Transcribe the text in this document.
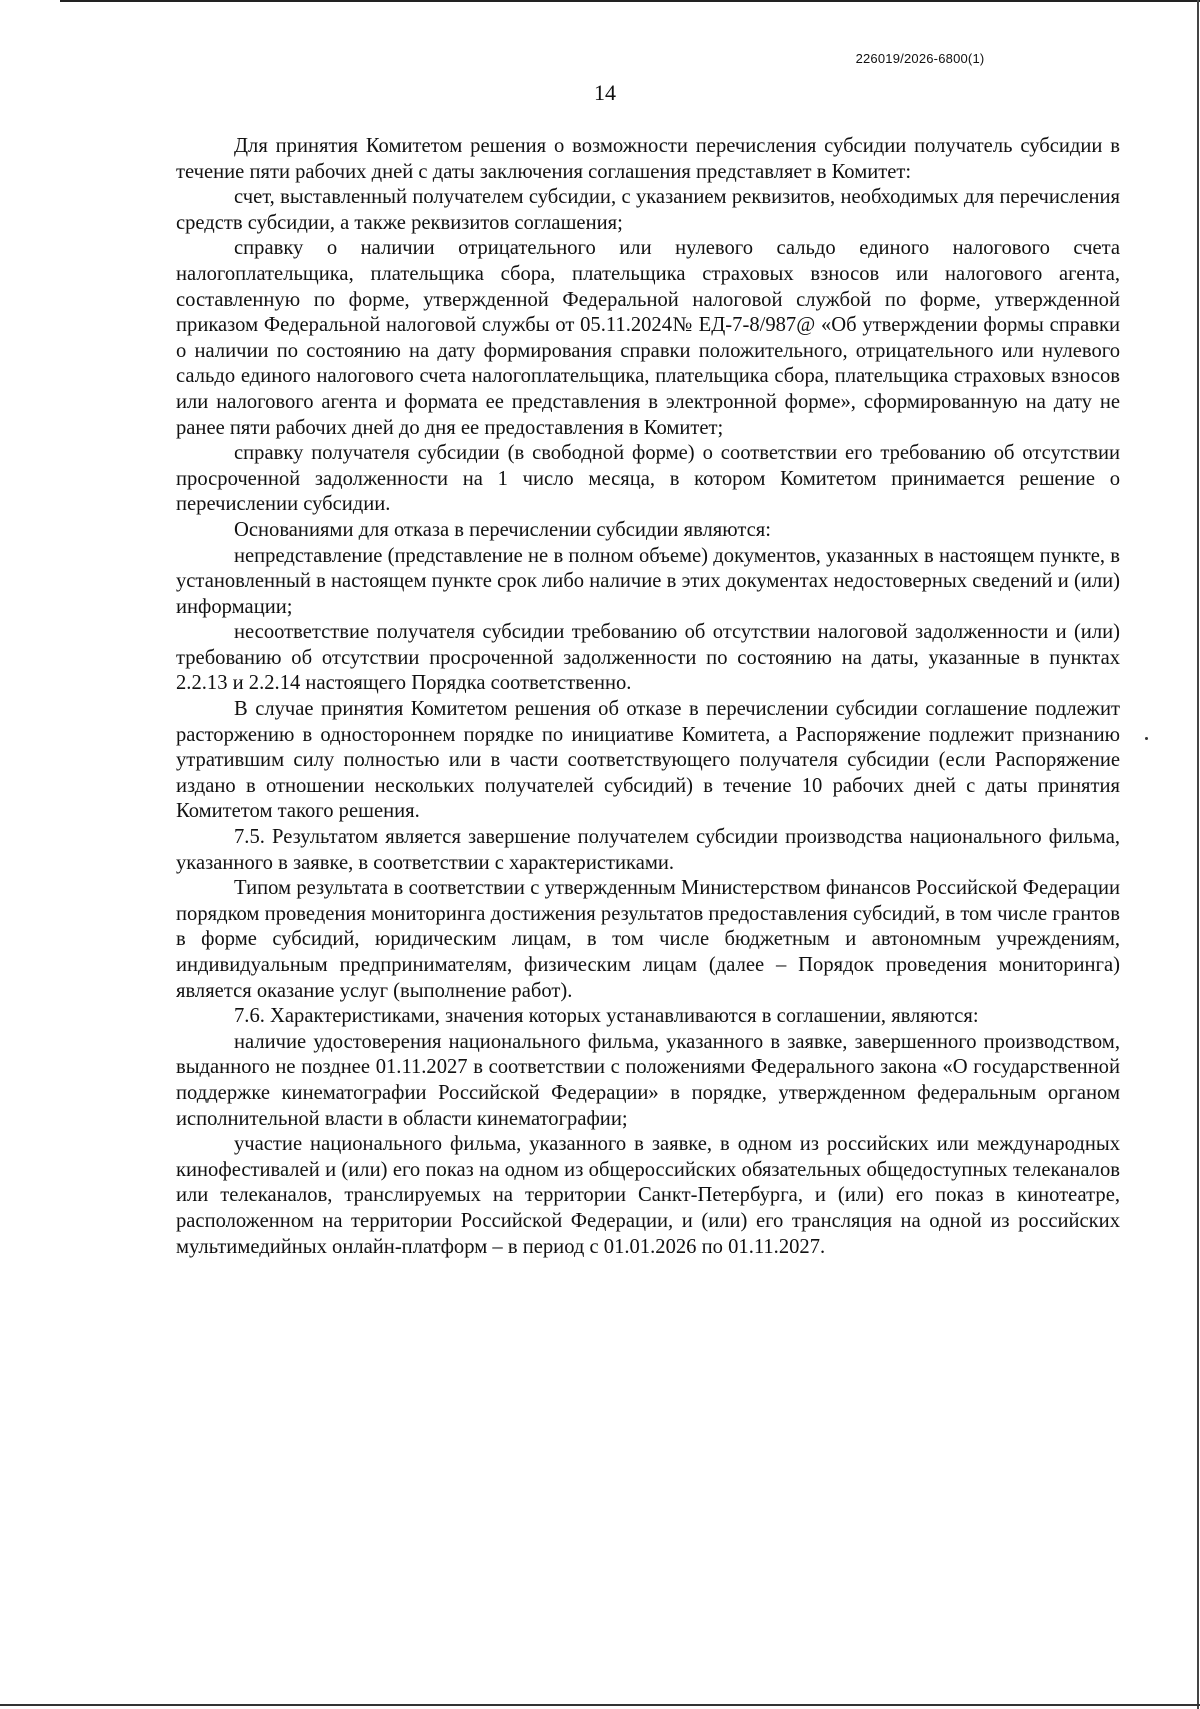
226019/2026-6800(1)
14

Для принятия Комитетом решения о возможности перечисления субсидии получатель субсидии в течение пяти рабочих дней с даты заключения соглашения представляет в Комитет:

счет, выставленный получателем субсидии, с указанием реквизитов, необходимых для перечисления средств субсидии, а также реквизитов соглашения;

справку о наличии отрицательного или нулевого сальдо единого налогового счета налогоплательщика, плательщика сбора, плательщика страховых взносов или налогового агента, составленную по форме, утвержденной Федеральной налоговой службой по форме, утвержденной приказом Федеральной налоговой службы от 05.11.2024№ ЕД-7-8/987@ «Об утверждении формы справки о наличии по состоянию на дату формирования справки положительного, отрицательного или нулевого сальдо единого налогового счета налогоплательщика, плательщика сбора, плательщика страховых взносов или налогового агента и формата ее представления в электронной форме», сформированную на дату не ранее пяти рабочих дней до дня ее предоставления в Комитет;

справку получателя субсидии (в свободной форме) о соответствии его требованию об отсутствии просроченной задолженности на 1 число месяца, в котором Комитетом принимается решение о перечислении субсидии.

Основаниями для отказа в перечислении субсидии являются:

непредставление (представление не в полном объеме) документов, указанных в настоящем пункте, в установленный в настоящем пункте срок либо наличие в этих документах недостоверных сведений и (или) информации;

несоответствие получателя субсидии требованию об отсутствии налоговой задолженности и (или) требованию об отсутствии просроченной задолженности по состоянию на даты, указанные в пунктах 2.2.13 и 2.2.14 настоящего Порядка соответственно.

В случае принятия Комитетом решения об отказе в перечислении субсидии соглашение подлежит расторжению в одностороннем порядке по инициативе Комитета, а Распоряжение подлежит признанию утратившим силу полностью или в части соответствующего получателя субсидии (если Распоряжение издано в отношении нескольких получателей субсидий) в течение 10 рабочих дней с даты принятия Комитетом такого решения.

7.5. Результатом является завершение получателем субсидии производства национального фильма, указанного в заявке, в соответствии с характеристиками.

Типом результата в соответствии с утвержденным Министерством финансов Российской Федерации порядком проведения мониторинга достижения результатов предоставления субсидий, в том числе грантов в форме субсидий, юридическим лицам, в том числе бюджетным и автономным учреждениям, индивидуальным предпринимателям, физическим лицам (далее – Порядок проведения мониторинга) является оказание услуг (выполнение работ).

7.6. Характеристиками, значения которых устанавливаются в соглашении, являются:

наличие удостоверения национального фильма, указанного в заявке, завершенного производством, выданного не позднее 01.11.2027 в соответствии с положениями Федерального закона «О государственной поддержке кинематографии Российской Федерации» в порядке, утвержденном федеральным органом исполнительной власти в области кинематографии;

участие национального фильма, указанного в заявке, в одном из российских или международных кинофестивалей и (или) его показ на одном из общероссийских обязательных общедоступных телеканалов или телеканалов, транслируемых на территории Санкт-Петербурга, и (или) его показ в кинотеатре, расположенном на территории Российской Федерации, и (или) его трансляция на одной из российских мультимедийных онлайн-платформ – в период с 01.01.2026 по 01.11.2027.
